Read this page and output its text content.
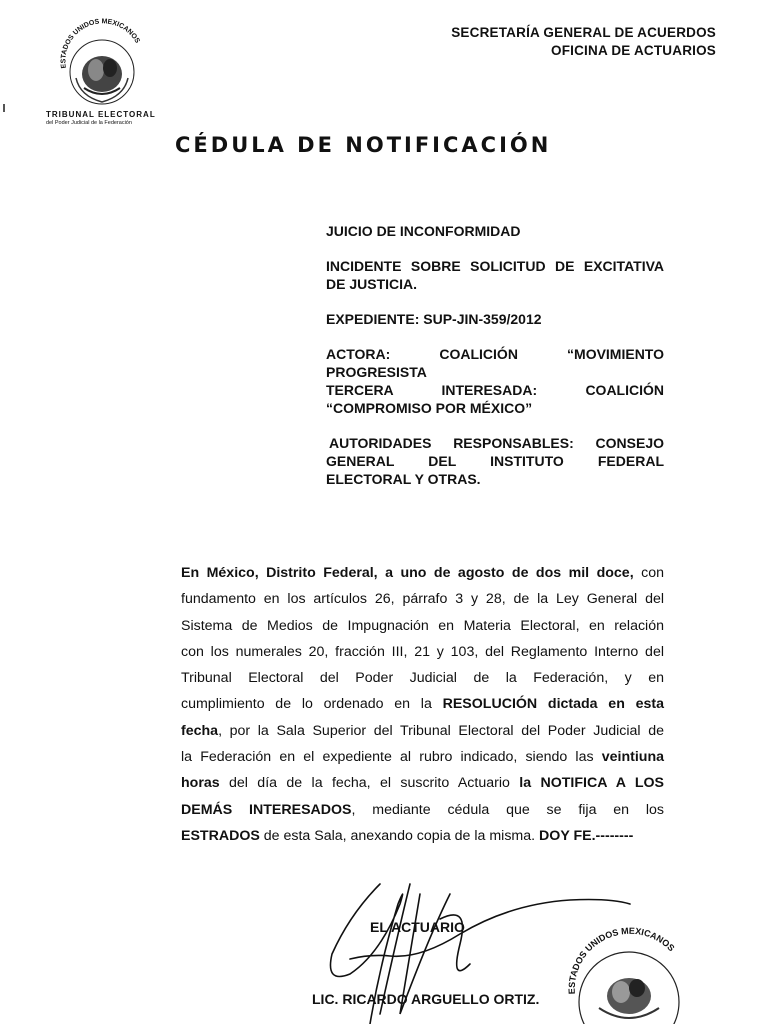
ESTADOS UNIDOS MEXICANOS
TRIBUNAL ELECTORAL
del Poder Judicial de la Federación
SECRETARÍA GENERAL DE ACUERDOS
OFICINA DE ACTUARIOS
CÉDULA DE NOTIFICACIÓN
JUICIO DE INCONFORMIDAD
INCIDENTE SOBRE SOLICITUD DE EXCITATIVA
DE JUSTICIA.
EXPEDIENTE: SUP-JIN-359/2012
ACTORA: COALICIÓN “MOVIMIENTO
PROGRESISTA
TERCERA INTERESADA: COALICIÓN
“COMPROMISO POR MÉXICO”
AUTORIDADES RESPONSABLES: CONSEJO
GENERAL DEL INSTITUTO FEDERAL
ELECTORAL Y OTRAS.

En México, Distrito Federal, a uno de agosto de dos mil doce, con

fundamento en los artículos 26, párrafo 3 y 28, de la Ley General del

Sistema de Medios de Impugnación en Materia Electoral, en relación

con los numerales 20, fracción III, 21 y 103, del Reglamento Interno del

Tribunal Electoral del Poder Judicial de la Federación, y en

cumplimiento de lo ordenado en la RESOLUCIÓN dictada en esta

fecha, por la Sala Superior del Tribunal Electoral del Poder Judicial de

la Federación en el expediente al rubro indicado, siendo las veintiuna

horas del día de la fecha, el suscrito Actuario la NOTIFICA A LOS

DEMÁS INTERESADOS, mediante cédula que se fija en los

ESTRADOS de esta Sala, anexando copia de la misma. DOY FE.--------

EL ACTUARIO
LIC. RICARDO ARGUELLO ORTIZ.	ESTADOS UNIDOS MEXICANOS
